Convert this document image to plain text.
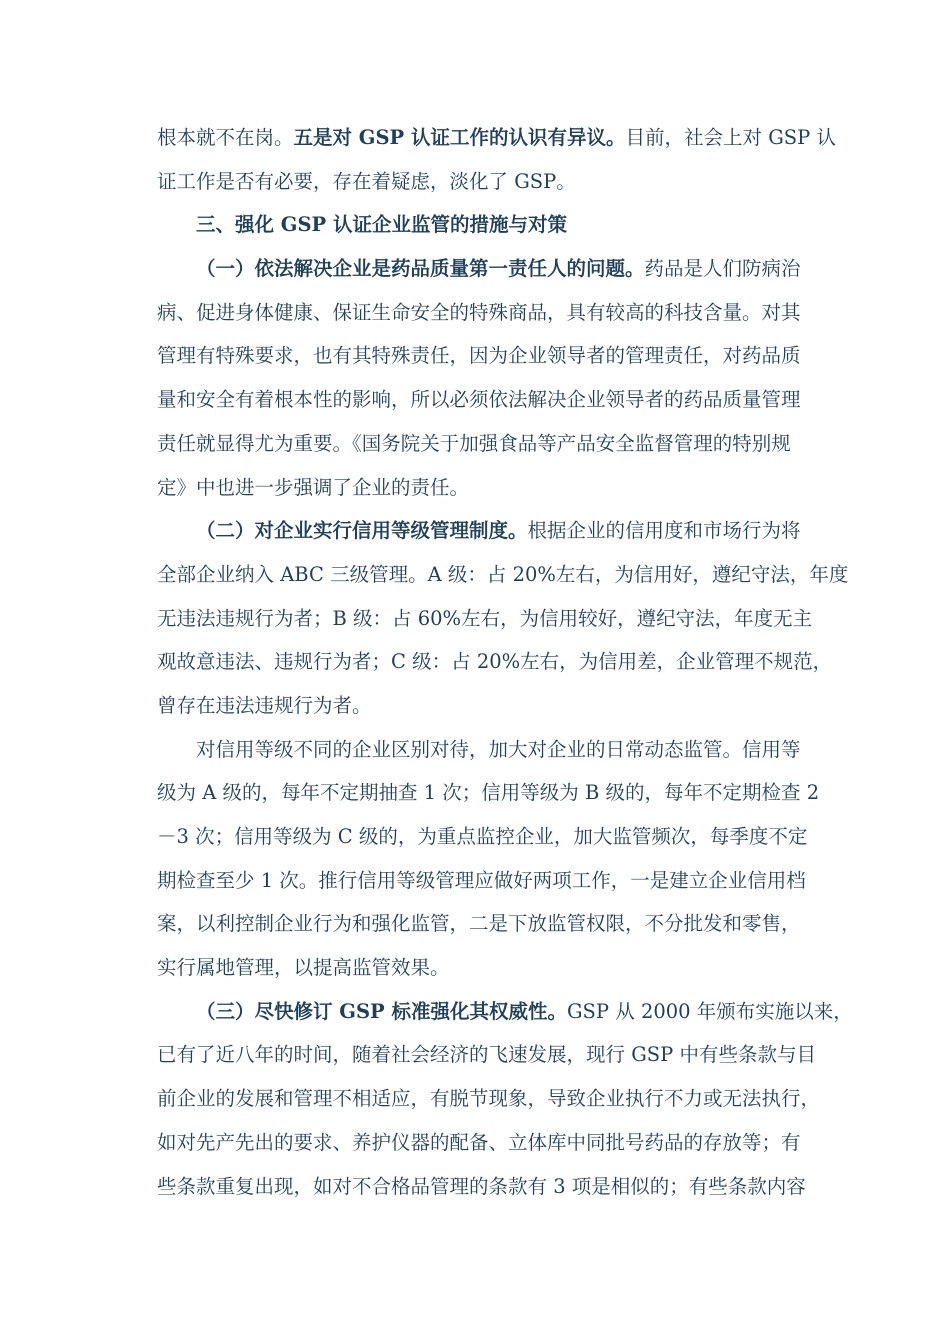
根本就不在岗。五是对 GSP 认证工作的认识有异议。目前，社会上对 GSP 认
证工作是否有必要，存在着疑虑，淡化了 GSP。
三、强化 GSP 认证企业监管的措施与对策
（一）依法解决企业是药品质量第一责任人的问题。药品是人们防病治
病、促进身体健康、保证生命安全的特殊商品，具有较高的科技含量。对其
管理有特殊要求，也有其特殊责任，因为企业领导者的管理责任，对药品质
量和安全有着根本性的影响，所以必须依法解决企业领导者的药品质量管理
责任就显得尤为重要。《国务院关于加强食品等产品安全监督管理的特别规
定》中也进一步强调了企业的责任。
（二）对企业实行信用等级管理制度。根据企业的信用度和市场行为将
全部企业纳入 ABC 三级管理。A 级：占 20%左右，为信用好，遵纪守法，年度
无违法违规行为者；B 级：占 60%左右，为信用较好，遵纪守法，年度无主
观故意违法、违规行为者；C 级：占 20%左右，为信用差，企业管理不规范，
曾存在违法违规行为者。
对信用等级不同的企业区别对待，加大对企业的日常动态监管。信用等
级为 A 级的，每年不定期抽查 1 次；信用等级为 B 级的，每年不定期检查 2
－3 次；信用等级为 C 级的，为重点监控企业，加大监管频次，每季度不定
期检查至少 1 次。推行信用等级管理应做好两项工作，一是建立企业信用档
案，以利控制企业行为和强化监管，二是下放监管权限，不分批发和零售，
实行属地管理，以提高监管效果。
（三）尽快修订 GSP 标准强化其权威性。GSP 从 2000 年颁布实施以来，
已有了近八年的时间，随着社会经济的飞速发展，现行 GSP 中有些条款与目
前企业的发展和管理不相适应，有脱节现象，导致企业执行不力或无法执行，
如对先产先出的要求、养护仪器的配备、立体库中同批号药品的存放等；有
些条款重复出现，如对不合格品管理的条款有 3 项是相似的；有些条款内容
